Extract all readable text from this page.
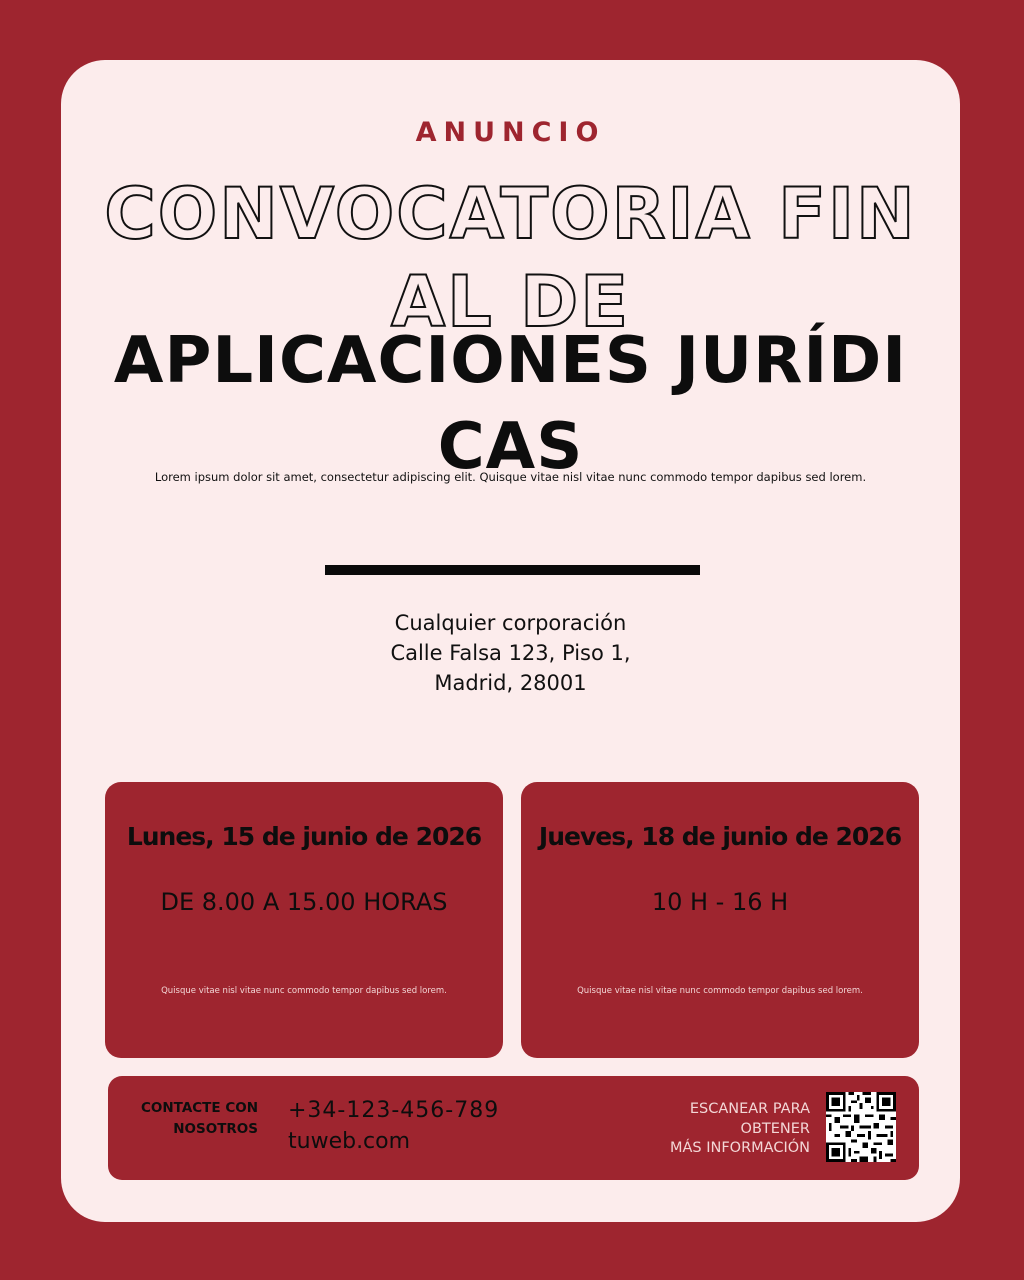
ANUNCIO
CONVOCATORIA FINAL DE
APLICACIONES JURÍDICAS
Lorem ipsum dolor sit amet, consectetur adipiscing elit. Quisque vitae nisl vitae nunc commodo tempor dapibus sed lorem.
Cualquier corporación
Calle Falsa 123, Piso 1,
Madrid, 28001
Lunes, 15 de junio de 2026
DE 8.00 A 15.00 HORAS
Quisque vitae nisl vitae nunc commodo tempor dapibus sed lorem.
Jueves, 18 de junio de 2026
10 H - 16 H
Quisque vitae nisl vitae nunc commodo tempor dapibus sed lorem.
CONTACTE CON NOSOTROS
+34-123-456-789
tuweb.com
ESCANEAR PARA
OBTENER
MÁS INFORMACIÓN
